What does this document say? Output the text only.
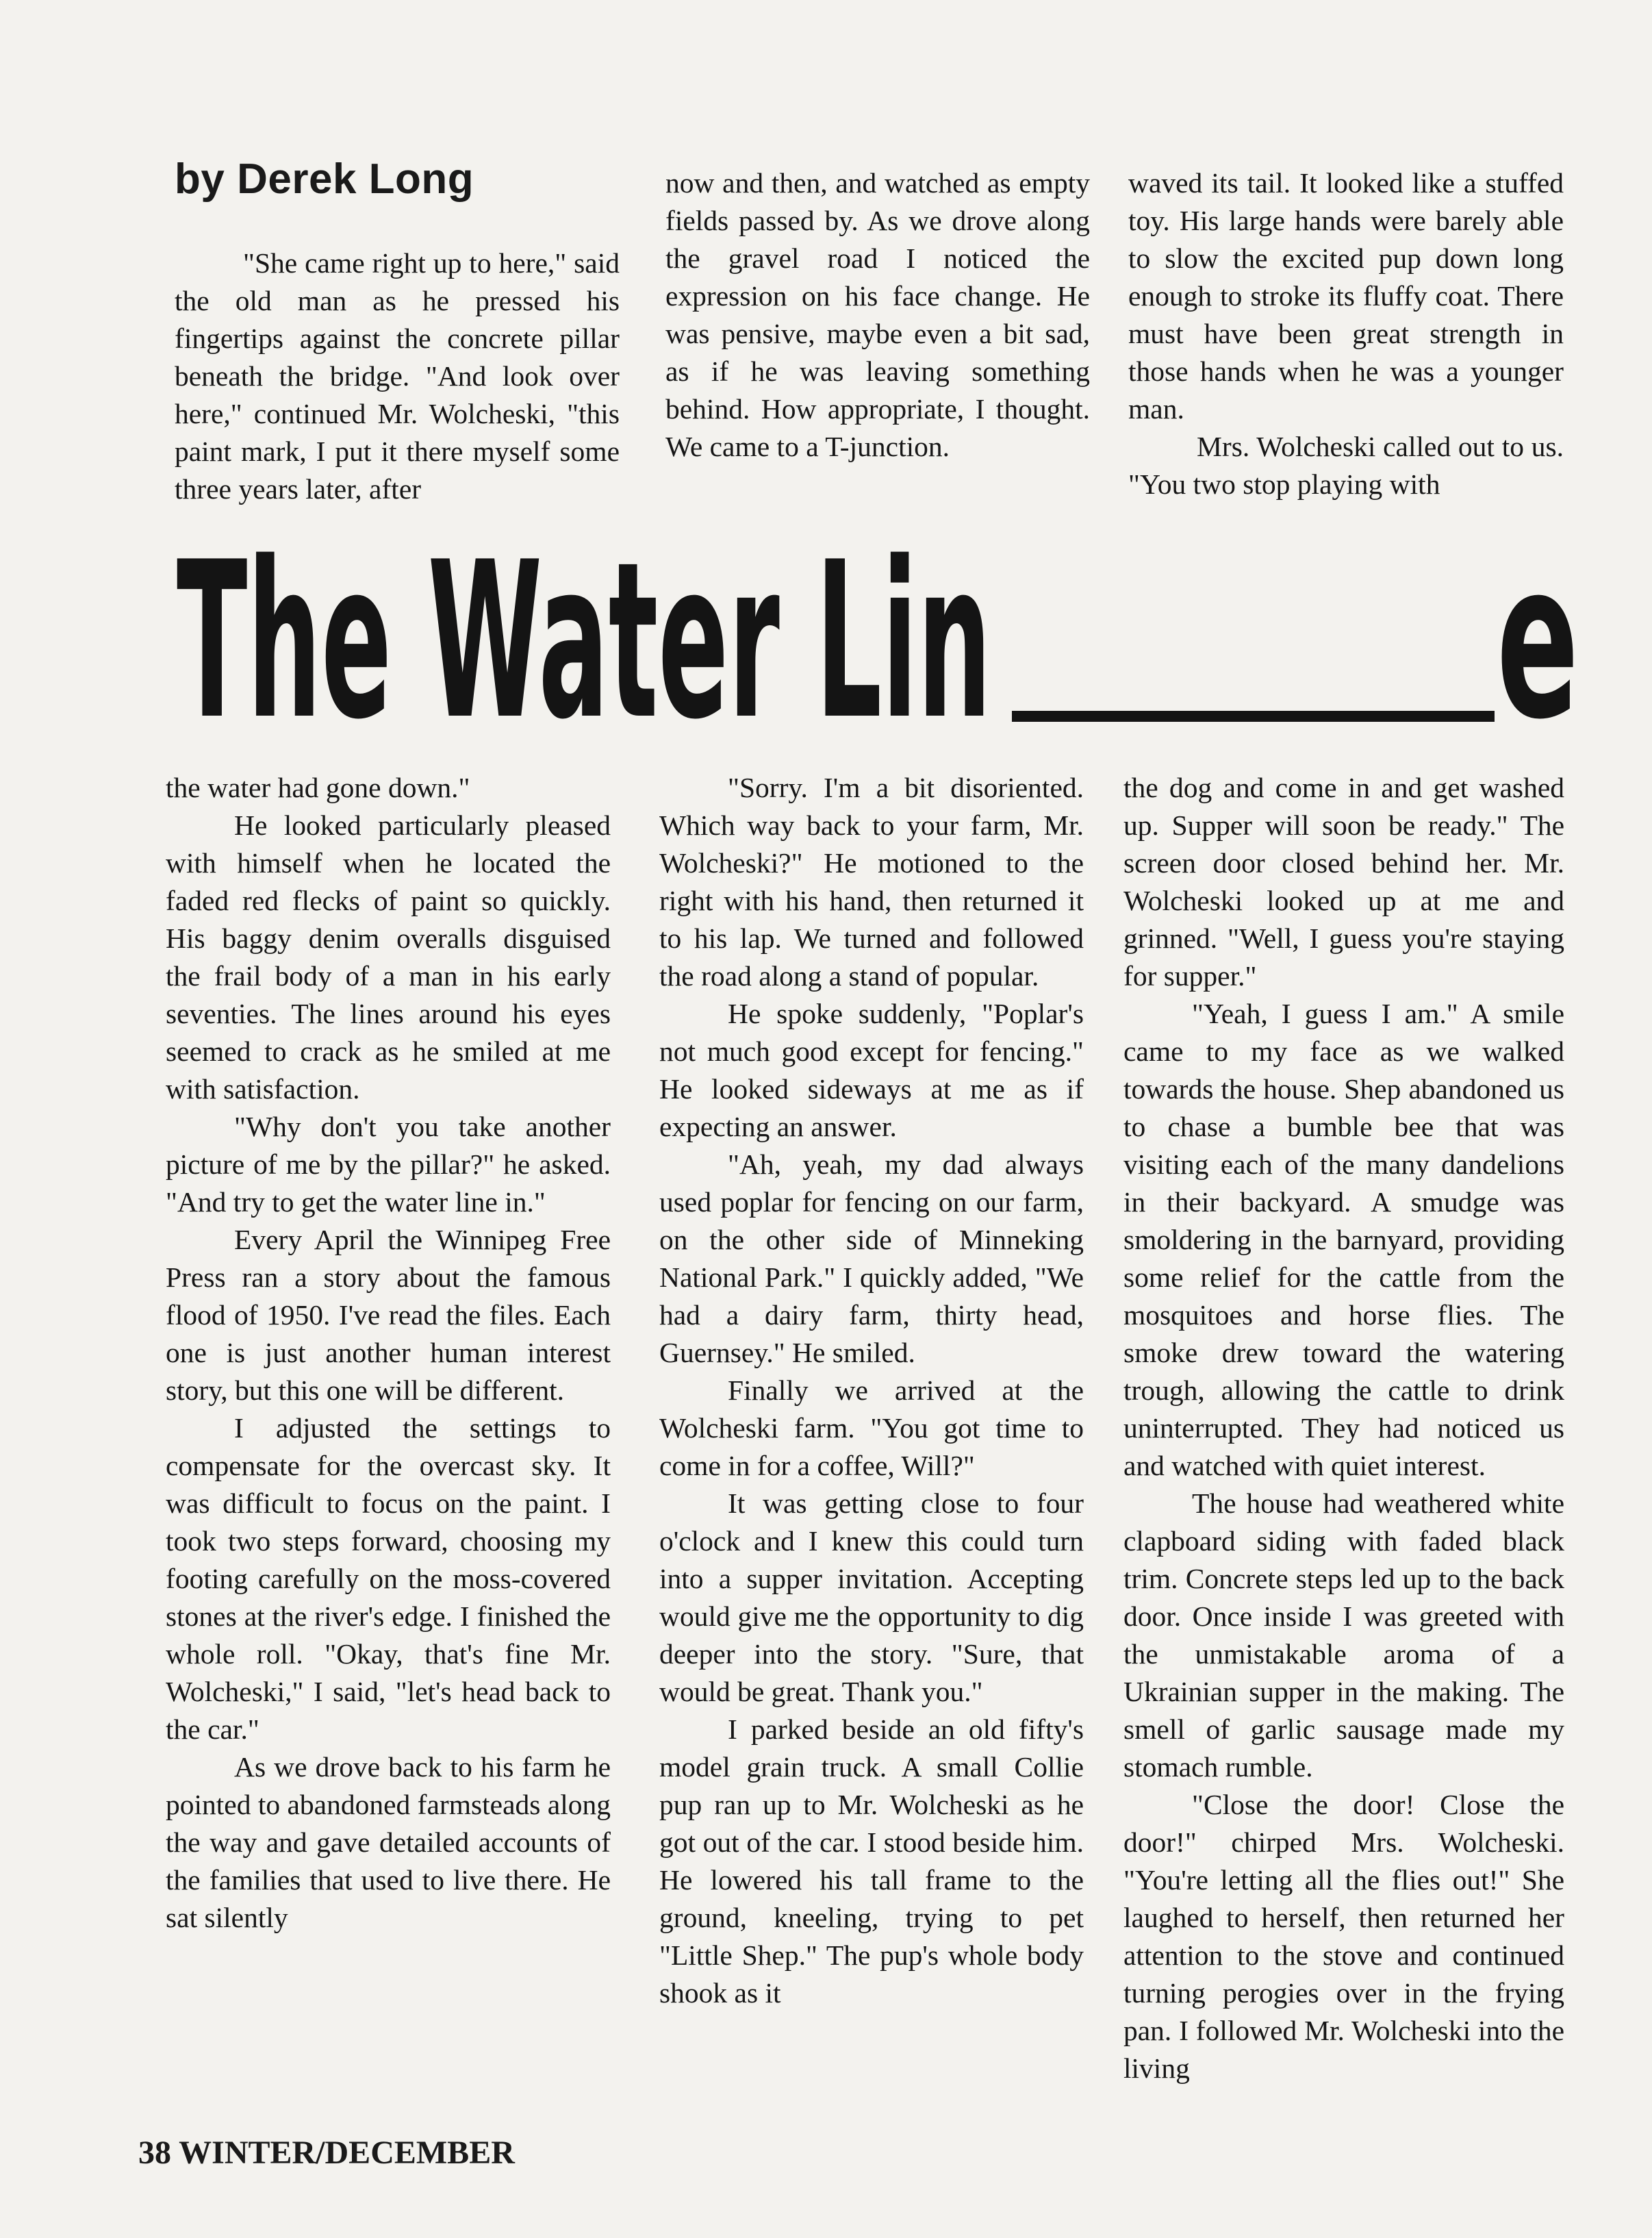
by Derek Long

"She came right up to here," said the old man as he pressed his fingertips against the concrete pillar beneath the bridge. "And look over here," continued Mr. Wolcheski, "this paint mark, I put it there myself some three years later, after

now and then, and watched as empty fields passed by. As we drove along the gravel road I noticed the expression on his face change. He was pensive, maybe even a bit sad, as if he was leaving something behind. How appropriate, I thought. We came to a T-junction.

waved its tail. It looked like a stuffed toy. His large hands were barely able to slow the excited pup down long enough to stroke its fluffy coat. There must have been great strength in those hands when he was a younger man.

Mrs. Wolcheski called out to us. "You two stop playing with

The Water Lin e

the water had gone down."

He looked particularly pleased with himself when he located the faded red flecks of paint so quickly. His baggy denim overalls disguised the frail body of a man in his early seventies. The lines around his eyes seemed to crack as he smiled at me with satisfaction.

"Why don't you take another picture of me by the pillar?" he asked. "And try to get the water line in."

Every April the Winnipeg Free Press ran a story about the famous flood of 1950. I've read the files. Each one is just another human interest story, but this one will be different.

I adjusted the settings to compensate for the overcast sky. It was difficult to focus on the paint. I took two steps forward, choosing my footing carefully on the moss-covered stones at the river's edge. I finished the whole roll. "Okay, that's fine Mr. Wolcheski," I said, "let's head back to the car."

As we drove back to his farm he pointed to abandoned farmsteads along the way and gave detailed accounts of the families that used to live there. He sat silently

"Sorry. I'm a bit disoriented. Which way back to your farm, Mr. Wolcheski?" He motioned to the right with his hand, then returned it to his lap. We turned and followed the road along a stand of popular.

He spoke suddenly, "Poplar's not much good except for fencing." He looked sideways at me as if expecting an answer.

"Ah, yeah, my dad always used poplar for fencing on our farm, on the other side of Minneking National Park." I quickly added, "We had a dairy farm, thirty head, Guernsey." He smiled.

Finally we arrived at the Wolcheski farm. "You got time to come in for a coffee, Will?"

It was getting close to four o'clock and I knew this could turn into a supper invitation. Accepting would give me the opportunity to dig deeper into the story. "Sure, that would be great. Thank you."

I parked beside an old fifty's model grain truck. A small Collie pup ran up to Mr. Wolcheski as he got out of the car. I stood beside him. He lowered his tall frame to the ground, kneeling, trying to pet "Little Shep." The pup's whole body shook as it

the dog and come in and get washed up. Supper will soon be ready." The screen door closed behind her. Mr. Wolcheski looked up at me and grinned. "Well, I guess you're staying for supper."

"Yeah, I guess I am." A smile came to my face as we walked towards the house. Shep abandoned us to chase a bumble bee that was visiting each of the many dandelions in their backyard. A smudge was smoldering in the barnyard, providing some relief for the cattle from the mosquitoes and horse flies. The smoke drew toward the watering trough, allowing the cattle to drink uninterrupted. They had noticed us and watched with quiet interest.

The house had weathered white clapboard siding with faded black trim. Concrete steps led up to the back door. Once inside I was greeted with the unmistakable aroma of a Ukrainian supper in the making. The smell of garlic sausage made my stomach rumble.

"Close the door! Close the door!" chirped Mrs. Wolcheski. "You're letting all the flies out!" She laughed to herself, then returned her attention to the stove and continued turning perogies over in the frying pan. I followed Mr. Wolcheski into the living

38 WINTER/DECEMBER
